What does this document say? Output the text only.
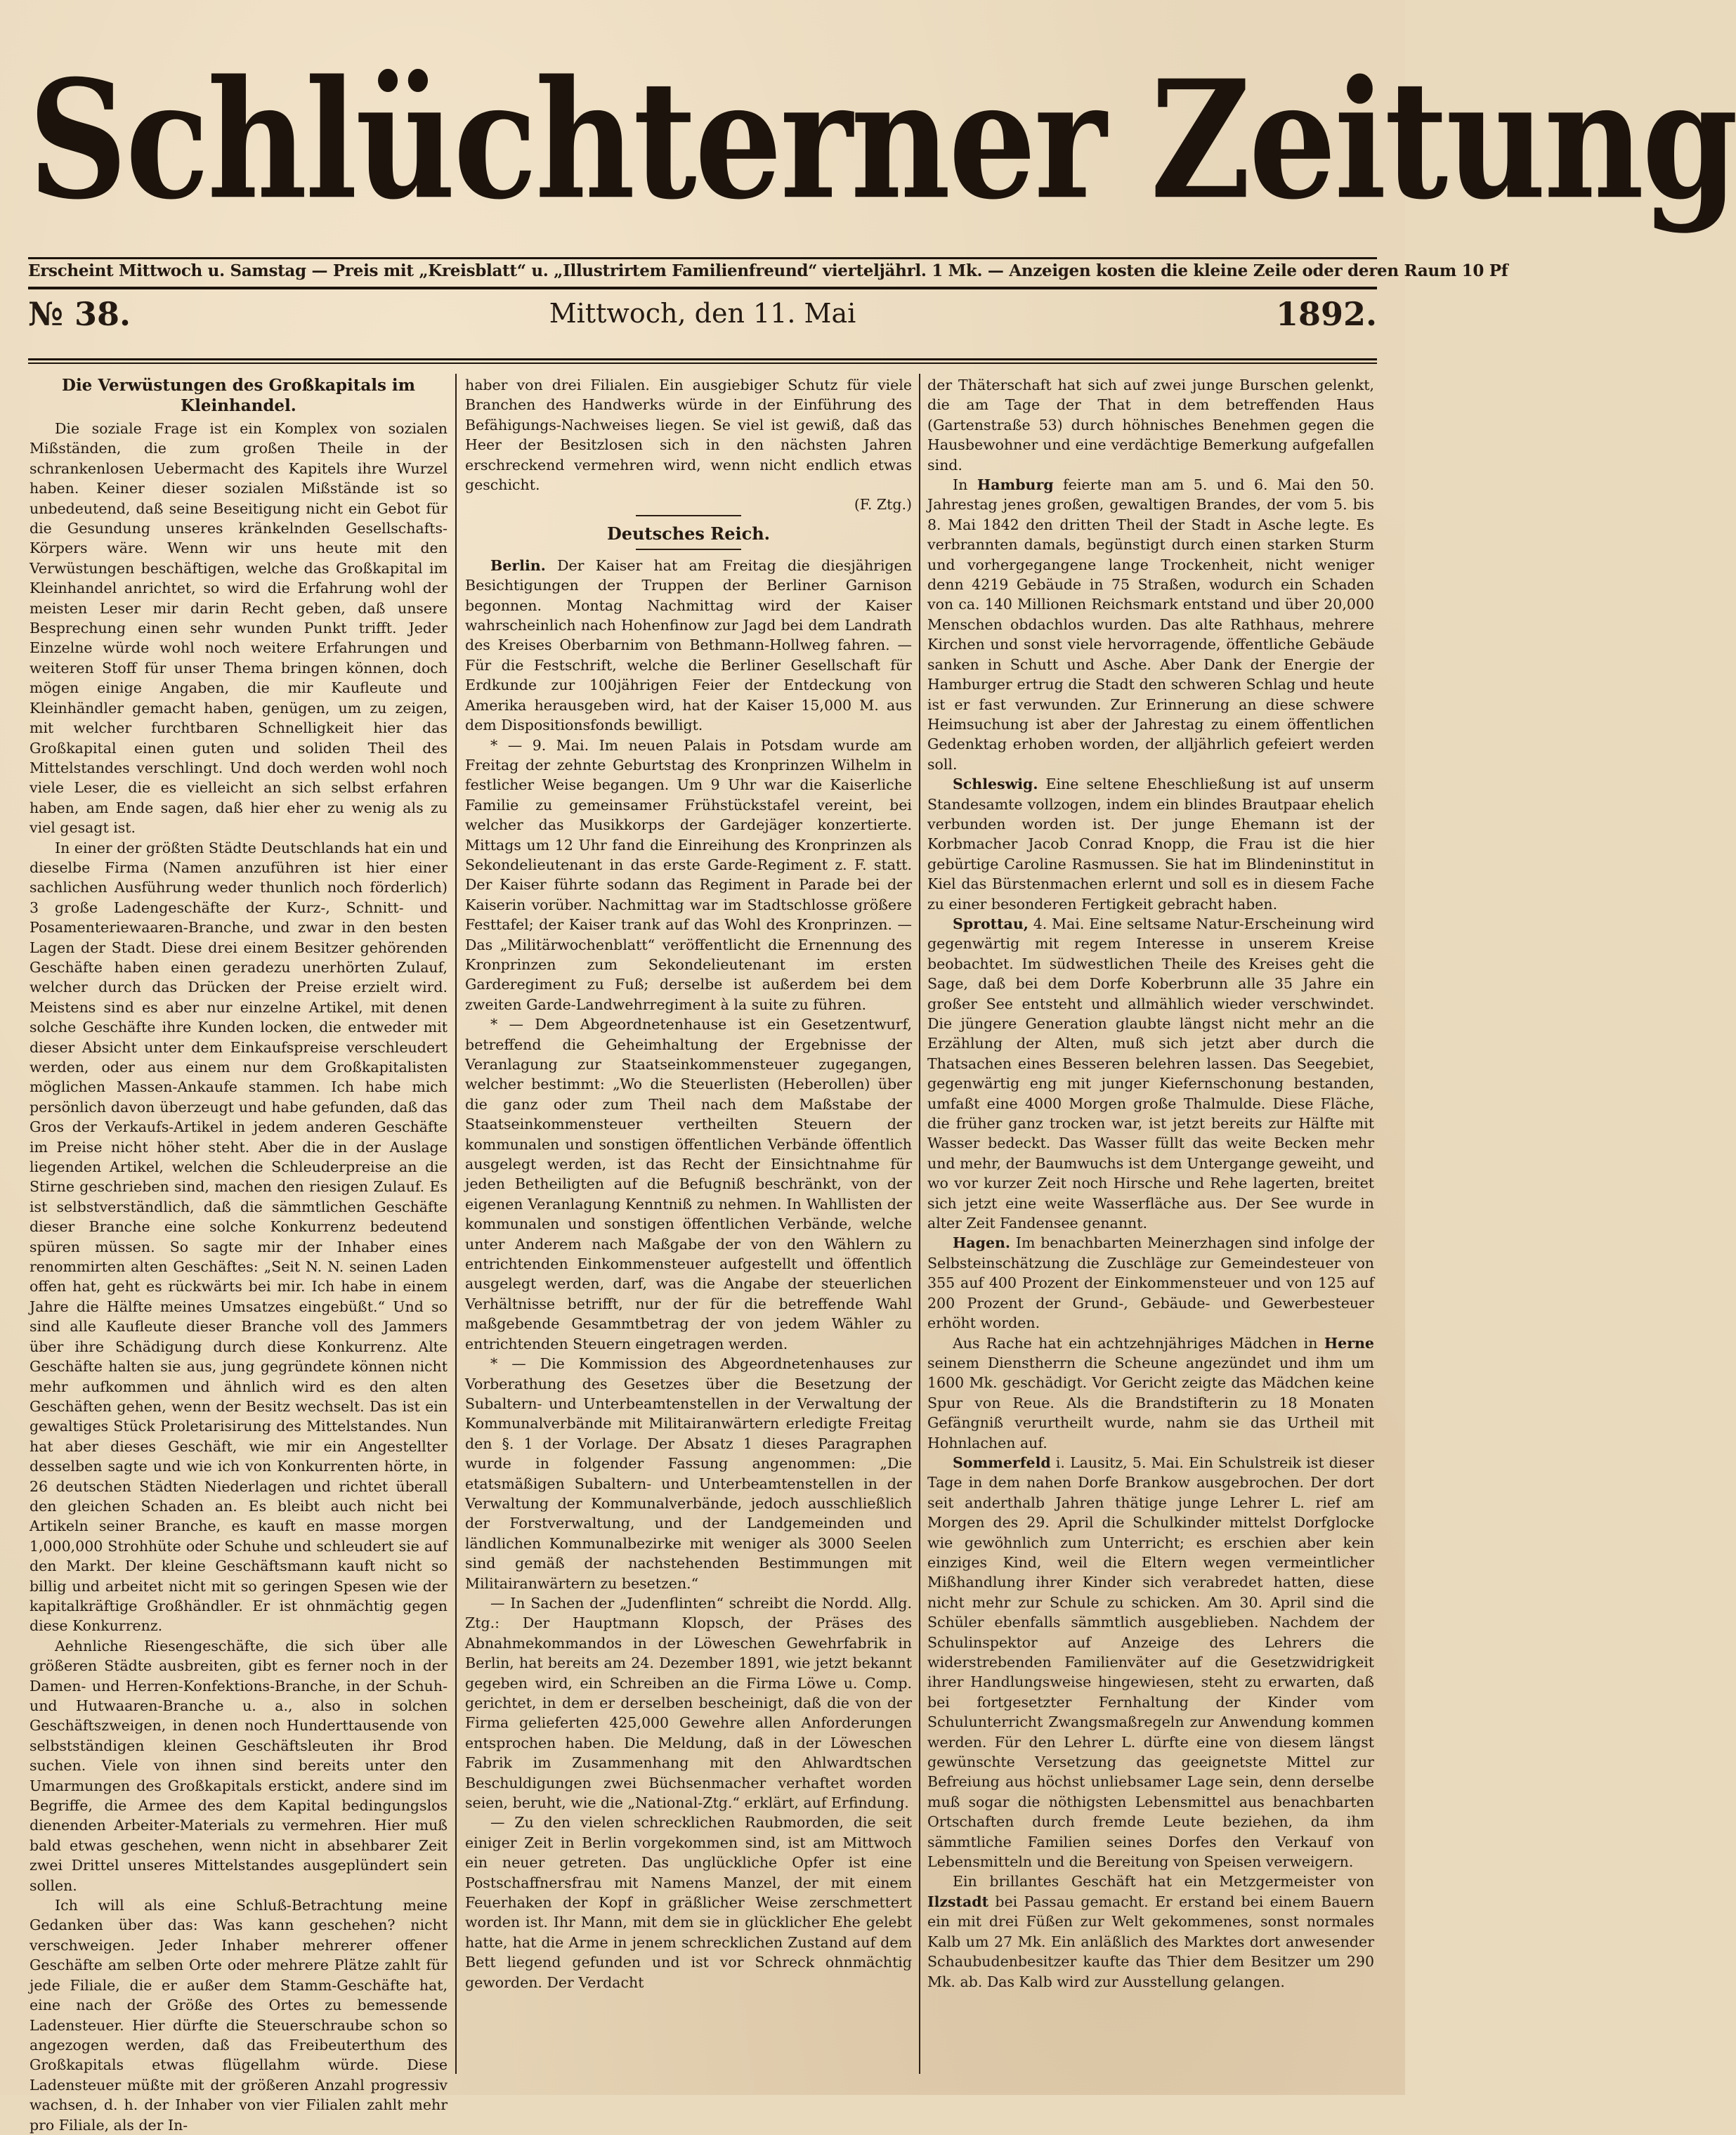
Schlüchterner Zeitung
Erscheint Mittwoch u. Samstag — Preis mit „Kreisblatt“ u. „Illustrirtem Familienfreund“ vierteljährl. 1 Mk. — Anzeigen kosten die kleine Zeile oder deren Raum 10 Pf
№ 38.	Mittwoch, den 11. Mai	1892.
Die Verwüstungen des Großkapitals im Kleinhandel.

Die soziale Frage ist ein Komplex von sozialen Mißständen, die zum großen Theile in der schrankenlosen Uebermacht des Kapitels ihre Wurzel haben. Keiner dieser sozialen Mißstände ist so unbedeutend, daß seine Beseitigung nicht ein Gebot für die Gesundung unseres kränkelnden Gesellschafts-Körpers wäre. Wenn wir uns heute mit den Verwüstungen beschäftigen, welche das Großkapital im Kleinhandel anrichtet, so wird die Erfahrung wohl der meisten Leser mir darin Recht geben, daß unsere Besprechung einen sehr wunden Punkt trifft. Jeder Einzelne würde wohl noch weitere Erfahrungen und weiteren Stoff für unser Thema bringen können, doch mögen einige Angaben, die mir Kaufleute und Kleinhändler gemacht haben, genügen, um zu zeigen, mit welcher furchtbaren Schnelligkeit hier das Großkapital einen guten und soliden Theil des Mittelstandes verschlingt. Und doch werden wohl noch viele Leser, die es vielleicht an sich selbst erfahren haben, am Ende sagen, daß hier eher zu wenig als zu viel gesagt ist.

In einer der größten Städte Deutschlands hat ein und dieselbe Firma (Namen anzuführen ist hier einer sachlichen Ausführung weder thunlich noch förderlich) 3 große Ladengeschäfte der Kurz-, Schnitt- und Posamenteriewaaren-Branche, und zwar in den besten Lagen der Stadt. Diese drei einem Besitzer gehörenden Geschäfte haben einen geradezu unerhörten Zulauf, welcher durch das Drücken der Preise erzielt wird. Meistens sind es aber nur einzelne Artikel, mit denen solche Geschäfte ihre Kunden locken, die entweder mit dieser Absicht unter dem Einkaufspreise verschleudert werden, oder aus einem nur dem Großkapitalisten möglichen Massen-Ankaufe stammen. Ich habe mich persönlich davon überzeugt und habe gefunden, daß das Gros der Verkaufs-Artikel in jedem anderen Geschäfte im Preise nicht höher steht. Aber die in der Auslage liegenden Artikel, welchen die Schleuderpreise an die Stirne geschrieben sind, machen den riesigen Zulauf. Es ist selbstverständlich, daß die sämmtlichen Geschäfte dieser Branche eine solche Konkurrenz bedeutend spüren müssen. So sagte mir der Inhaber eines renommirten alten Geschäftes: „Seit N. N. seinen Laden offen hat, geht es rückwärts bei mir. Ich habe in einem Jahre die Hälfte meines Umsatzes eingebüßt.“ Und so sind alle Kaufleute dieser Branche voll des Jammers über ihre Schädigung durch diese Konkurrenz. Alte Geschäfte halten sie aus, jung gegründete können nicht mehr aufkommen und ähnlich wird es den alten Geschäften gehen, wenn der Besitz wechselt. Das ist ein gewaltiges Stück Proletarisirung des Mittelstandes. Nun hat aber dieses Geschäft, wie mir ein Angestellter desselben sagte und wie ich von Konkurrenten hörte, in 26 deutschen Städten Niederlagen und richtet überall den gleichen Schaden an. Es bleibt auch nicht bei Artikeln seiner Branche, es kauft en masse morgen 1,000,000 Strohhüte oder Schuhe und schleudert sie auf den Markt. Der kleine Geschäftsmann kauft nicht so billig und arbeitet nicht mit so geringen Spesen wie der kapitalkräftige Großhändler. Er ist ohnmächtig gegen diese Konkurrenz.

Aehnliche Riesengeschäfte, die sich über alle größeren Städte ausbreiten, gibt es ferner noch in der Damen- und Herren-Konfektions-Branche, in der Schuh- und Hutwaaren-Branche u. a., also in solchen Geschäftszweigen, in denen noch Hunderttausende von selbstständigen kleinen Geschäftsleuten ihr Brod suchen. Viele von ihnen sind bereits unter den Umarmungen des Großkapitals erstickt, andere sind im Begriffe, die Armee des dem Kapital bedingungslos dienenden Arbeiter-Materials zu vermehren. Hier muß bald etwas geschehen, wenn nicht in absehbarer Zeit zwei Drittel unseres Mittelstandes ausgeplündert sein sollen.

Ich will als eine Schluß-Betrachtung meine Gedanken über das: Was kann geschehen? nicht verschweigen. Jeder Inhaber mehrerer offener Geschäfte am selben Orte oder mehrere Plätze zahlt für jede Filiale, die er außer dem Stamm-Geschäfte hat, eine nach der Größe des Ortes zu bemessende Ladensteuer. Hier dürfte die Steuerschraube schon so angezogen werden, daß das Freibeuterthum des Großkapitals etwas flügellahm würde. Diese Ladensteuer müßte mit der größeren Anzahl progressiv wachsen, d. h. der Inhaber von vier Filialen zahlt mehr pro Filiale, als der In-

haber von drei Filialen. Ein ausgiebiger Schutz für viele Branchen des Handwerks würde in der Einführung des Befähigungs-Nachweises liegen. Se viel ist gewiß, daß das Heer der Besitzlosen sich in den nächsten Jahren erschreckend vermehren wird, wenn nicht endlich etwas geschicht.

(F. Ztg.)
Deutsches Reich.

Berlin. Der Kaiser hat am Freitag die diesjährigen Besichtigungen der Truppen der Berliner Garnison begonnen. Montag Nachmittag wird der Kaiser wahrscheinlich nach Hohenfinow zur Jagd bei dem Landrath des Kreises Oberbarnim von Bethmann-Hollweg fahren. — Für die Festschrift, welche die Berliner Gesellschaft für Erdkunde zur 100jährigen Feier der Entdeckung von Amerika herausgeben wird, hat der Kaiser 15,000 M. aus dem Dispositionsfonds bewilligt.

* — 9. Mai. Im neuen Palais in Potsdam wurde am Freitag der zehnte Geburtstag des Kronprinzen Wilhelm in festlicher Weise begangen. Um 9 Uhr war die Kaiserliche Familie zu gemeinsamer Frühstückstafel vereint, bei welcher das Musikkorps der Gardejäger konzertierte. Mittags um 12 Uhr fand die Einreihung des Kronprinzen als Sekondelieutenant in das erste Garde-Regiment z. F. statt. Der Kaiser führte sodann das Regiment in Parade bei der Kaiserin vorüber. Nachmittag war im Stadtschlosse größere Festtafel; der Kaiser trank auf das Wohl des Kronprinzen. — Das „Militärwochenblatt“ veröffentlicht die Ernennung des Kronprinzen zum Sekondelieutenant im ersten Garderegiment zu Fuß; derselbe ist außerdem bei dem zweiten Garde-Landwehrregiment à la suite zu führen.

* — Dem Abgeordnetenhause ist ein Gesetzentwurf, betreffend die Geheimhaltung der Ergebnisse der Veranlagung zur Staatseinkommensteuer zugegangen, welcher bestimmt: „Wo die Steuerlisten (Heberollen) über die ganz oder zum Theil nach dem Maßstabe der Staatseinkommensteuer vertheilten Steuern der kommunalen und sonstigen öffentlichen Verbände öffentlich ausgelegt werden, ist das Recht der Einsichtnahme für jeden Betheiligten auf die Befugniß beschränkt, von der eigenen Veranlagung Kenntniß zu nehmen. In Wahllisten der kommunalen und sonstigen öffentlichen Verbände, welche unter Anderem nach Maßgabe der von den Wählern zu entrichtenden Einkommensteuer aufgestellt und öffentlich ausgelegt werden, darf, was die Angabe der steuerlichen Verhältnisse betrifft, nur der für die betreffende Wahl maßgebende Gesammtbetrag der von jedem Wähler zu entrichtenden Steuern eingetragen werden.

* — Die Kommission des Abgeordnetenhauses zur Vorberathung des Gesetzes über die Besetzung der Subaltern- und Unterbeamtenstellen in der Verwaltung der Kommunalverbände mit Militairanwärtern erledigte Freitag den §. 1 der Vorlage. Der Absatz 1 dieses Paragraphen wurde in folgender Fassung angenommen: „Die etatsmäßigen Subaltern- und Unterbeamtenstellen in der Verwaltung der Kommunalverbände, jedoch ausschließlich der Forstverwaltung, und der Landgemeinden und ländlichen Kommunalbezirke mit weniger als 3000 Seelen sind gemäß der nachstehenden Bestimmungen mit Militairanwärtern zu besetzen.“

— In Sachen der „Judenflinten“ schreibt die Nordd. Allg. Ztg.: Der Hauptmann Klopsch, der Präses des Abnahmekommandos in der Löweschen Gewehrfabrik in Berlin, hat bereits am 24. Dezember 1891, wie jetzt bekannt gegeben wird, ein Schreiben an die Firma Löwe u. Comp. gerichtet, in dem er derselben bescheinigt, daß die von der Firma gelieferten 425,000 Gewehre allen Anforderungen entsprochen haben. Die Meldung, daß in der Löweschen Fabrik im Zusammenhang mit den Ahlwardtschen Beschuldigungen zwei Büchsenmacher verhaftet worden seien, beruht, wie die „National-Ztg.“ erklärt, auf Erfindung.

— Zu den vielen schrecklichen Raubmorden, die seit einiger Zeit in Berlin vorgekommen sind, ist am Mittwoch ein neuer getreten. Das unglückliche Opfer ist eine Postschaffnersfrau mit Namens Manzel, der mit einem Feuerhaken der Kopf in gräßlicher Weise zerschmettert worden ist. Ihr Mann, mit dem sie in glücklicher Ehe gelebt hatte, hat die Arme in jenem schrecklichen Zustand auf dem Bett liegend gefunden und ist vor Schreck ohnmächtig geworden. Der Verdacht

der Thäterschaft hat sich auf zwei junge Burschen gelenkt, die am Tage der That in dem betreffenden Haus (Gartenstraße 53) durch höhnisches Benehmen gegen die Hausbewohner und eine verdächtige Bemerkung aufgefallen sind.

In Hamburg feierte man am 5. und 6. Mai den 50. Jahrestag jenes großen, gewaltigen Brandes, der vom 5. bis 8. Mai 1842 den dritten Theil der Stadt in Asche legte. Es verbrannten damals, begünstigt durch einen starken Sturm und vorhergegangene lange Trockenheit, nicht weniger denn 4219 Gebäude in 75 Straßen, wodurch ein Schaden von ca. 140 Millionen Reichsmark entstand und über 20,000 Menschen obdachlos wurden. Das alte Rathhaus, mehrere Kirchen und sonst viele hervorragende, öffentliche Gebäude sanken in Schutt und Asche. Aber Dank der Energie der Hamburger ertrug die Stadt den schweren Schlag und heute ist er fast verwunden. Zur Erinnerung an diese schwere Heimsuchung ist aber der Jahrestag zu einem öffentlichen Gedenktag erhoben worden, der alljährlich gefeiert werden soll.

Schleswig. Eine seltene Eheschließung ist auf unserm Standesamte vollzogen, indem ein blindes Brautpaar ehelich verbunden worden ist. Der junge Ehemann ist der Korbmacher Jacob Conrad Knopp, die Frau ist die hier gebürtige Caroline Rasmussen. Sie hat im Blindeninstitut in Kiel das Bürstenmachen erlernt und soll es in diesem Fache zu einer besonderen Fertigkeit gebracht haben.

Sprottau, 4. Mai. Eine seltsame Natur-Erscheinung wird gegenwärtig mit regem Interesse in unserem Kreise beobachtet. Im südwestlichen Theile des Kreises geht die Sage, daß bei dem Dorfe Koberbrunn alle 35 Jahre ein großer See entsteht und allmählich wieder verschwindet. Die jüngere Generation glaubte längst nicht mehr an die Erzählung der Alten, muß sich jetzt aber durch die Thatsachen eines Besseren belehren lassen. Das Seegebiet, gegenwärtig eng mit junger Kiefernschonung bestanden, umfaßt eine 4000 Morgen große Thalmulde. Diese Fläche, die früher ganz trocken war, ist jetzt bereits zur Hälfte mit Wasser bedeckt. Das Wasser füllt das weite Becken mehr und mehr, der Baumwuchs ist dem Untergange geweiht, und wo vor kurzer Zeit noch Hirsche und Rehe lagerten, breitet sich jetzt eine weite Wasserfläche aus. Der See wurde in alter Zeit Fandensee genannt.

Hagen. Im benachbarten Meinerzhagen sind infolge der Selbsteinschätzung die Zuschläge zur Gemeindesteuer von 355 auf 400 Prozent der Einkommensteuer und von 125 auf 200 Prozent der Grund-, Gebäude- und Gewerbesteuer erhöht worden.

Aus Rache hat ein achtzehnjähriges Mädchen in Herne seinem Dienstherrn die Scheune angezündet und ihm um 1600 Mk. geschädigt. Vor Gericht zeigte das Mädchen keine Spur von Reue. Als die Brandstifterin zu 18 Monaten Gefängniß verurtheilt wurde, nahm sie das Urtheil mit Hohnlachen auf.

Sommerfeld i. Lausitz, 5. Mai. Ein Schulstreik ist dieser Tage in dem nahen Dorfe Brankow ausgebrochen. Der dort seit anderthalb Jahren thätige junge Lehrer L. rief am Morgen des 29. April die Schulkinder mittelst Dorfglocke wie gewöhnlich zum Unterricht; es erschien aber kein einziges Kind, weil die Eltern wegen vermeintlicher Mißhandlung ihrer Kinder sich verabredet hatten, diese nicht mehr zur Schule zu schicken. Am 30. April sind die Schüler ebenfalls sämmtlich ausgeblieben. Nachdem der Schulinspektor auf Anzeige des Lehrers die widerstrebenden Familienväter auf die Gesetzwidrigkeit ihrer Handlungsweise hingewiesen, steht zu erwarten, daß bei fortgesetzter Fernhaltung der Kinder vom Schulunterricht Zwangsmaßregeln zur Anwendung kommen werden. Für den Lehrer L. dürfte eine von diesem längst gewünschte Versetzung das geeignetste Mittel zur Befreiung aus höchst unliebsamer Lage sein, denn derselbe muß sogar die nöthigsten Lebensmittel aus benachbarten Ortschaften durch fremde Leute beziehen, da ihm sämmtliche Familien seines Dorfes den Verkauf von Lebensmitteln und die Bereitung von Speisen verweigern.

Ein brillantes Geschäft hat ein Metzgermeister von Ilzstadt bei Passau gemacht. Er erstand bei einem Bauern ein mit drei Füßen zur Welt gekommenes, sonst normales Kalb um 27 Mk. Ein anläßlich des Marktes dort anwesender Schaubudenbesitzer kaufte das Thier dem Besitzer um 290 Mk. ab. Das Kalb wird zur Ausstellung gelangen.
